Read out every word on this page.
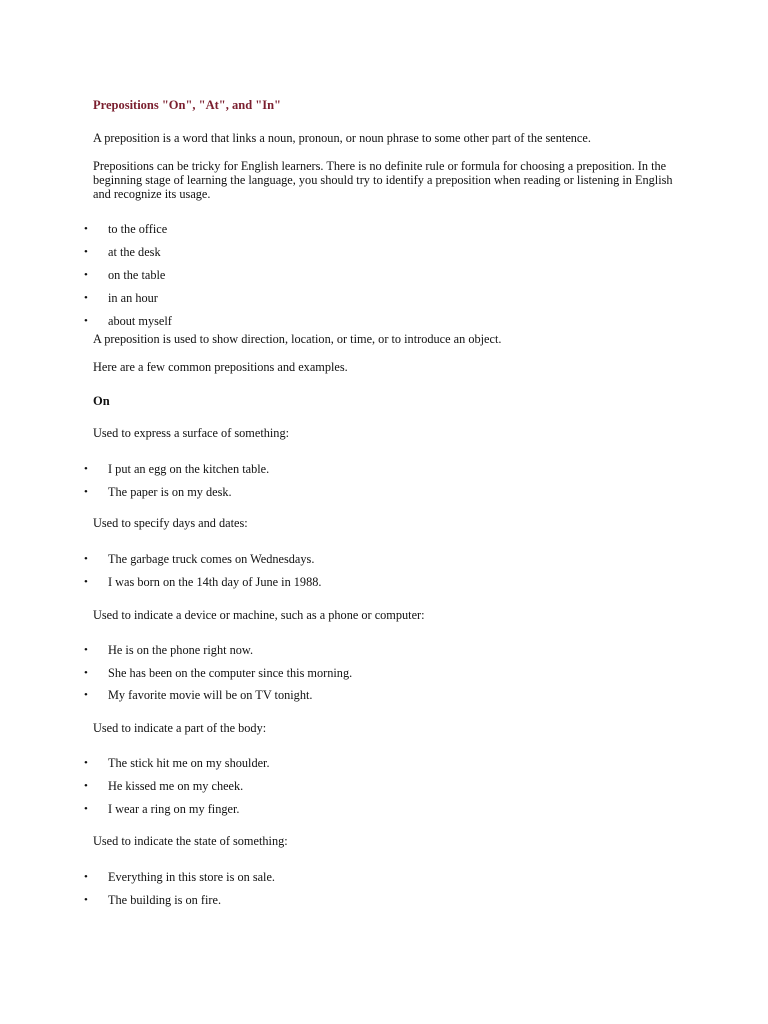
Prepositions "On", "At", and "In"
A preposition is a word that links a noun, pronoun, or noun phrase to some other part of the sentence.
Prepositions can be tricky for English learners. There is no definite rule or formula for choosing a preposition. In the beginning stage of learning the language, you should try to identify a preposition when reading or listening in English and recognize its usage.
• to the office
• at the desk
• on the table
• in an hour
• about myself
A preposition is used to show direction, location, or time, or to introduce an object.
Here are a few common prepositions and examples.
On
Used to express a surface of something:
• I put an egg on the kitchen table.
• The paper is on my desk.
Used to specify days and dates:
• The garbage truck comes on Wednesdays.
• I was born on the 14th day of June in 1988.
Used to indicate a device or machine, such as a phone or computer:
• He is on the phone right now.
• She has been on the computer since this morning.
• My favorite movie will be on TV tonight.
Used to indicate a part of the body:
• The stick hit me on my shoulder.
• He kissed me on my cheek.
• I wear a ring on my finger.
Used to indicate the state of something:
• Everything in this store is on sale.
• The building is on fire.
